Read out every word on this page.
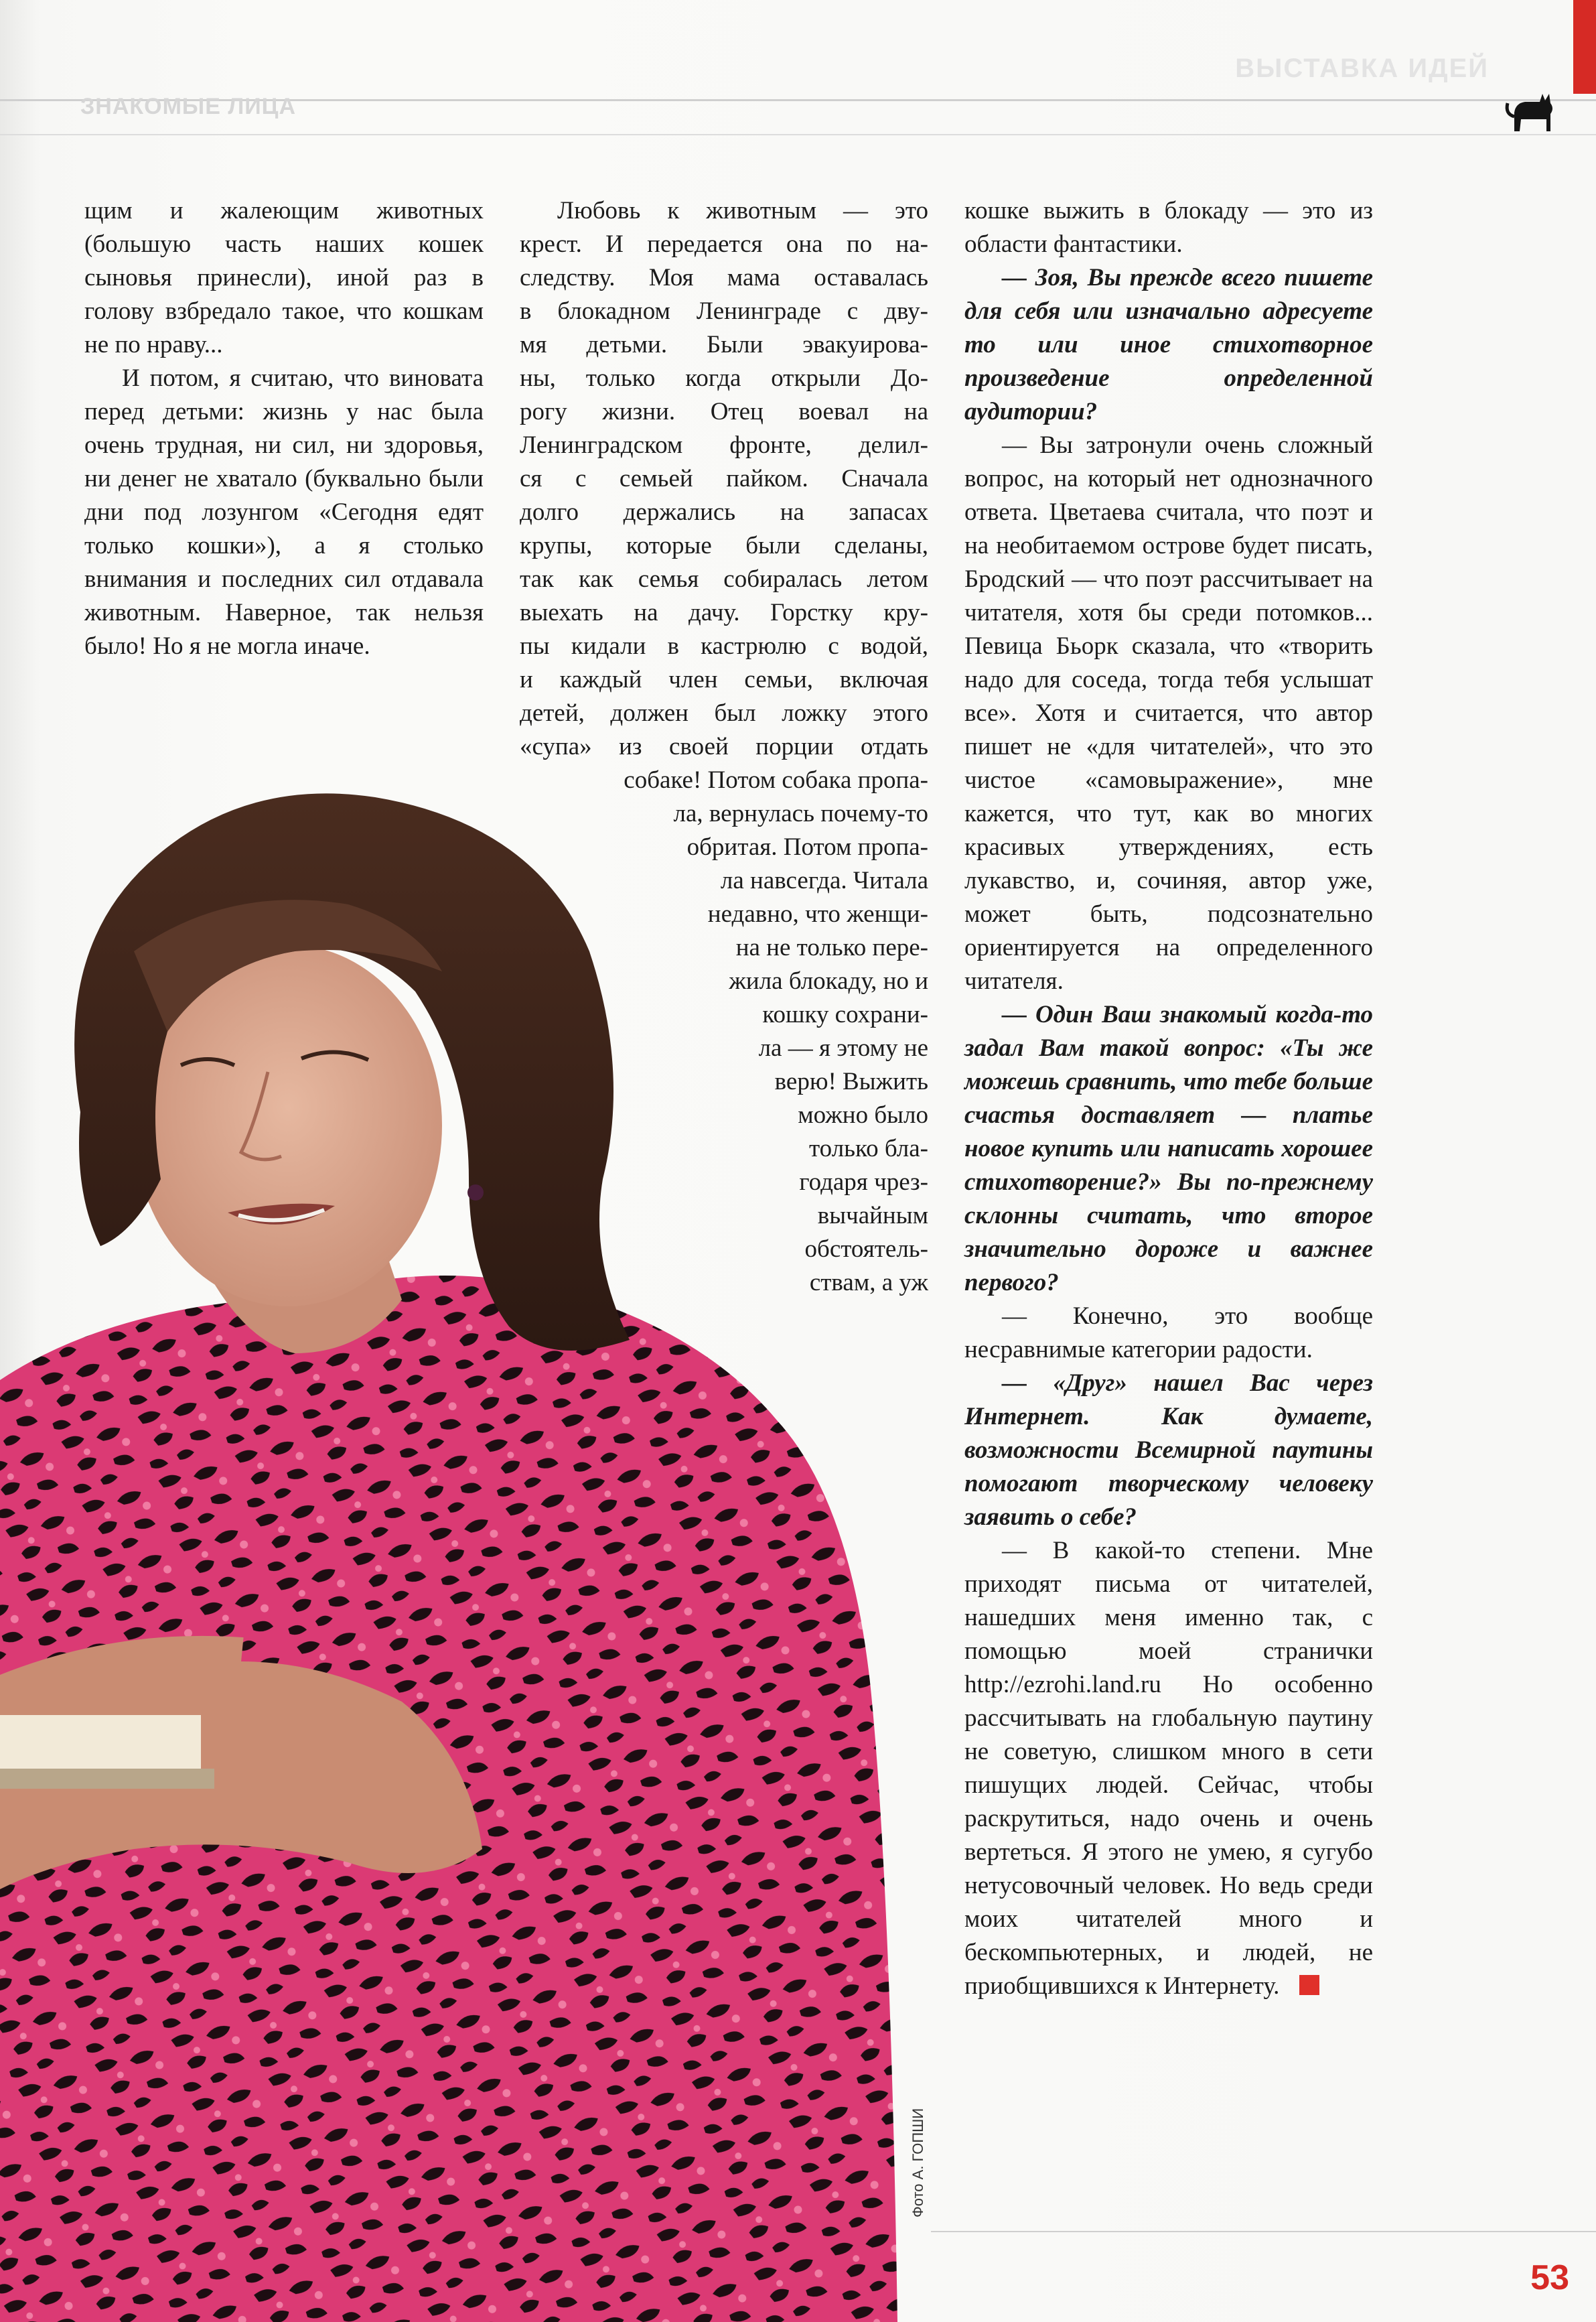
ВЫСТАВКА ИДЕЙ
ЗНАКОМЫЕ ЛИЦА

щим и жалеющим животных (большую часть наших кошек сыновья принесли), иной раз в голову взбредало такое, что кошкам не по нраву...

И потом, я считаю, что виновата перед детьми: жизнь у нас была очень трудная, ни сил, ни здоровья, ни денег не хватало (буквально были дни под лозунгом «Сегодня едят только кошки»), а я столько внимания и последних сил отдавала животным. Наверное, так нельзя было! Но я не могла иначе.

Любовь к животным — это
крест. И передается она по на-
следству. Моя мама оставалась
в блокадном Ленинграде с дву-
мя детьми. Были эвакуирова-
ны, только когда открыли До-
рогу жизни. Отец воевал на
Ленинградском фронте, делил-
ся с семьей пайком. Сначала
долго держались на запасах
крупы, которые были сделаны,
так как семья собиралась летом
выехать на дачу. Горстку кру-
пы кидали в кастрюлю с водой,
и каждый член семьи, включая
детей, должен был ложку этого
«супа» из своей порции отдать
собаке! Потом собака пропа-
ла, вернулась почему-то
обритая. Потом пропа-
ла навсегда. Читала
недавно, что женщи-
на не только пере-
жила блокаду, но и
кошку сохрани-
ла — я этому не
верю! Выжить
можно было
только бла-
годаря чрез-
вычайным
обстоятель-
ствам, а уж

кошке выжить в блокаду — это из области фантастики.

— Зоя, Вы прежде всего пишете для себя или изначально адресуете то или иное стихотворное произведение определенной аудитории?

— Вы затронули очень сложный вопрос, на который нет однозначного ответа. Цветаева считала, что поэт и на необитаемом острове будет писать, Бродский — что поэт рассчитывает на читателя, хотя бы среди потомков... Певица Бьорк сказала, что «творить надо для соседа, тогда тебя услышат все». Хотя и считается, что автор пишет не «для читателей», что это чистое «самовыражение», мне кажется, что тут, как во многих красивых утверждениях, есть лукавство, и, сочиняя, автор уже, может быть, подсознательно ориентируется на определенного читателя.

— Один Ваш знакомый когда-то задал Вам такой вопрос: «Ты же можешь сравнить, что тебе больше счастья доставляет — платье новое купить или написать хорошее стихотворение?» Вы по-прежнему склонны считать, что второе значительно дороже и важнее первого?

— Конечно, это вообще несравнимые категории радости.

— «Друг» нашел Вас через Интернет. Как думаете, возможности Всемирной паутины помогают творческому человеку заявить о себе?

— В какой-то степени. Мне приходят письма от читателей, нашедших меня именно так, с помощью моей странички http://ezrohi.land.ru Но особенно рассчитывать на глобальную паутину не советую, слишком много в сети пишущих людей. Сейчас, чтобы раскрутиться, надо очень и очень вертеться. Я этого не умею, я сугубо нетусовочный человек. Но ведь среди моих читателей много и бескомпьютерных, и людей, не приобщившихся к Интернету.

Фото А. ГОПШИ
53
